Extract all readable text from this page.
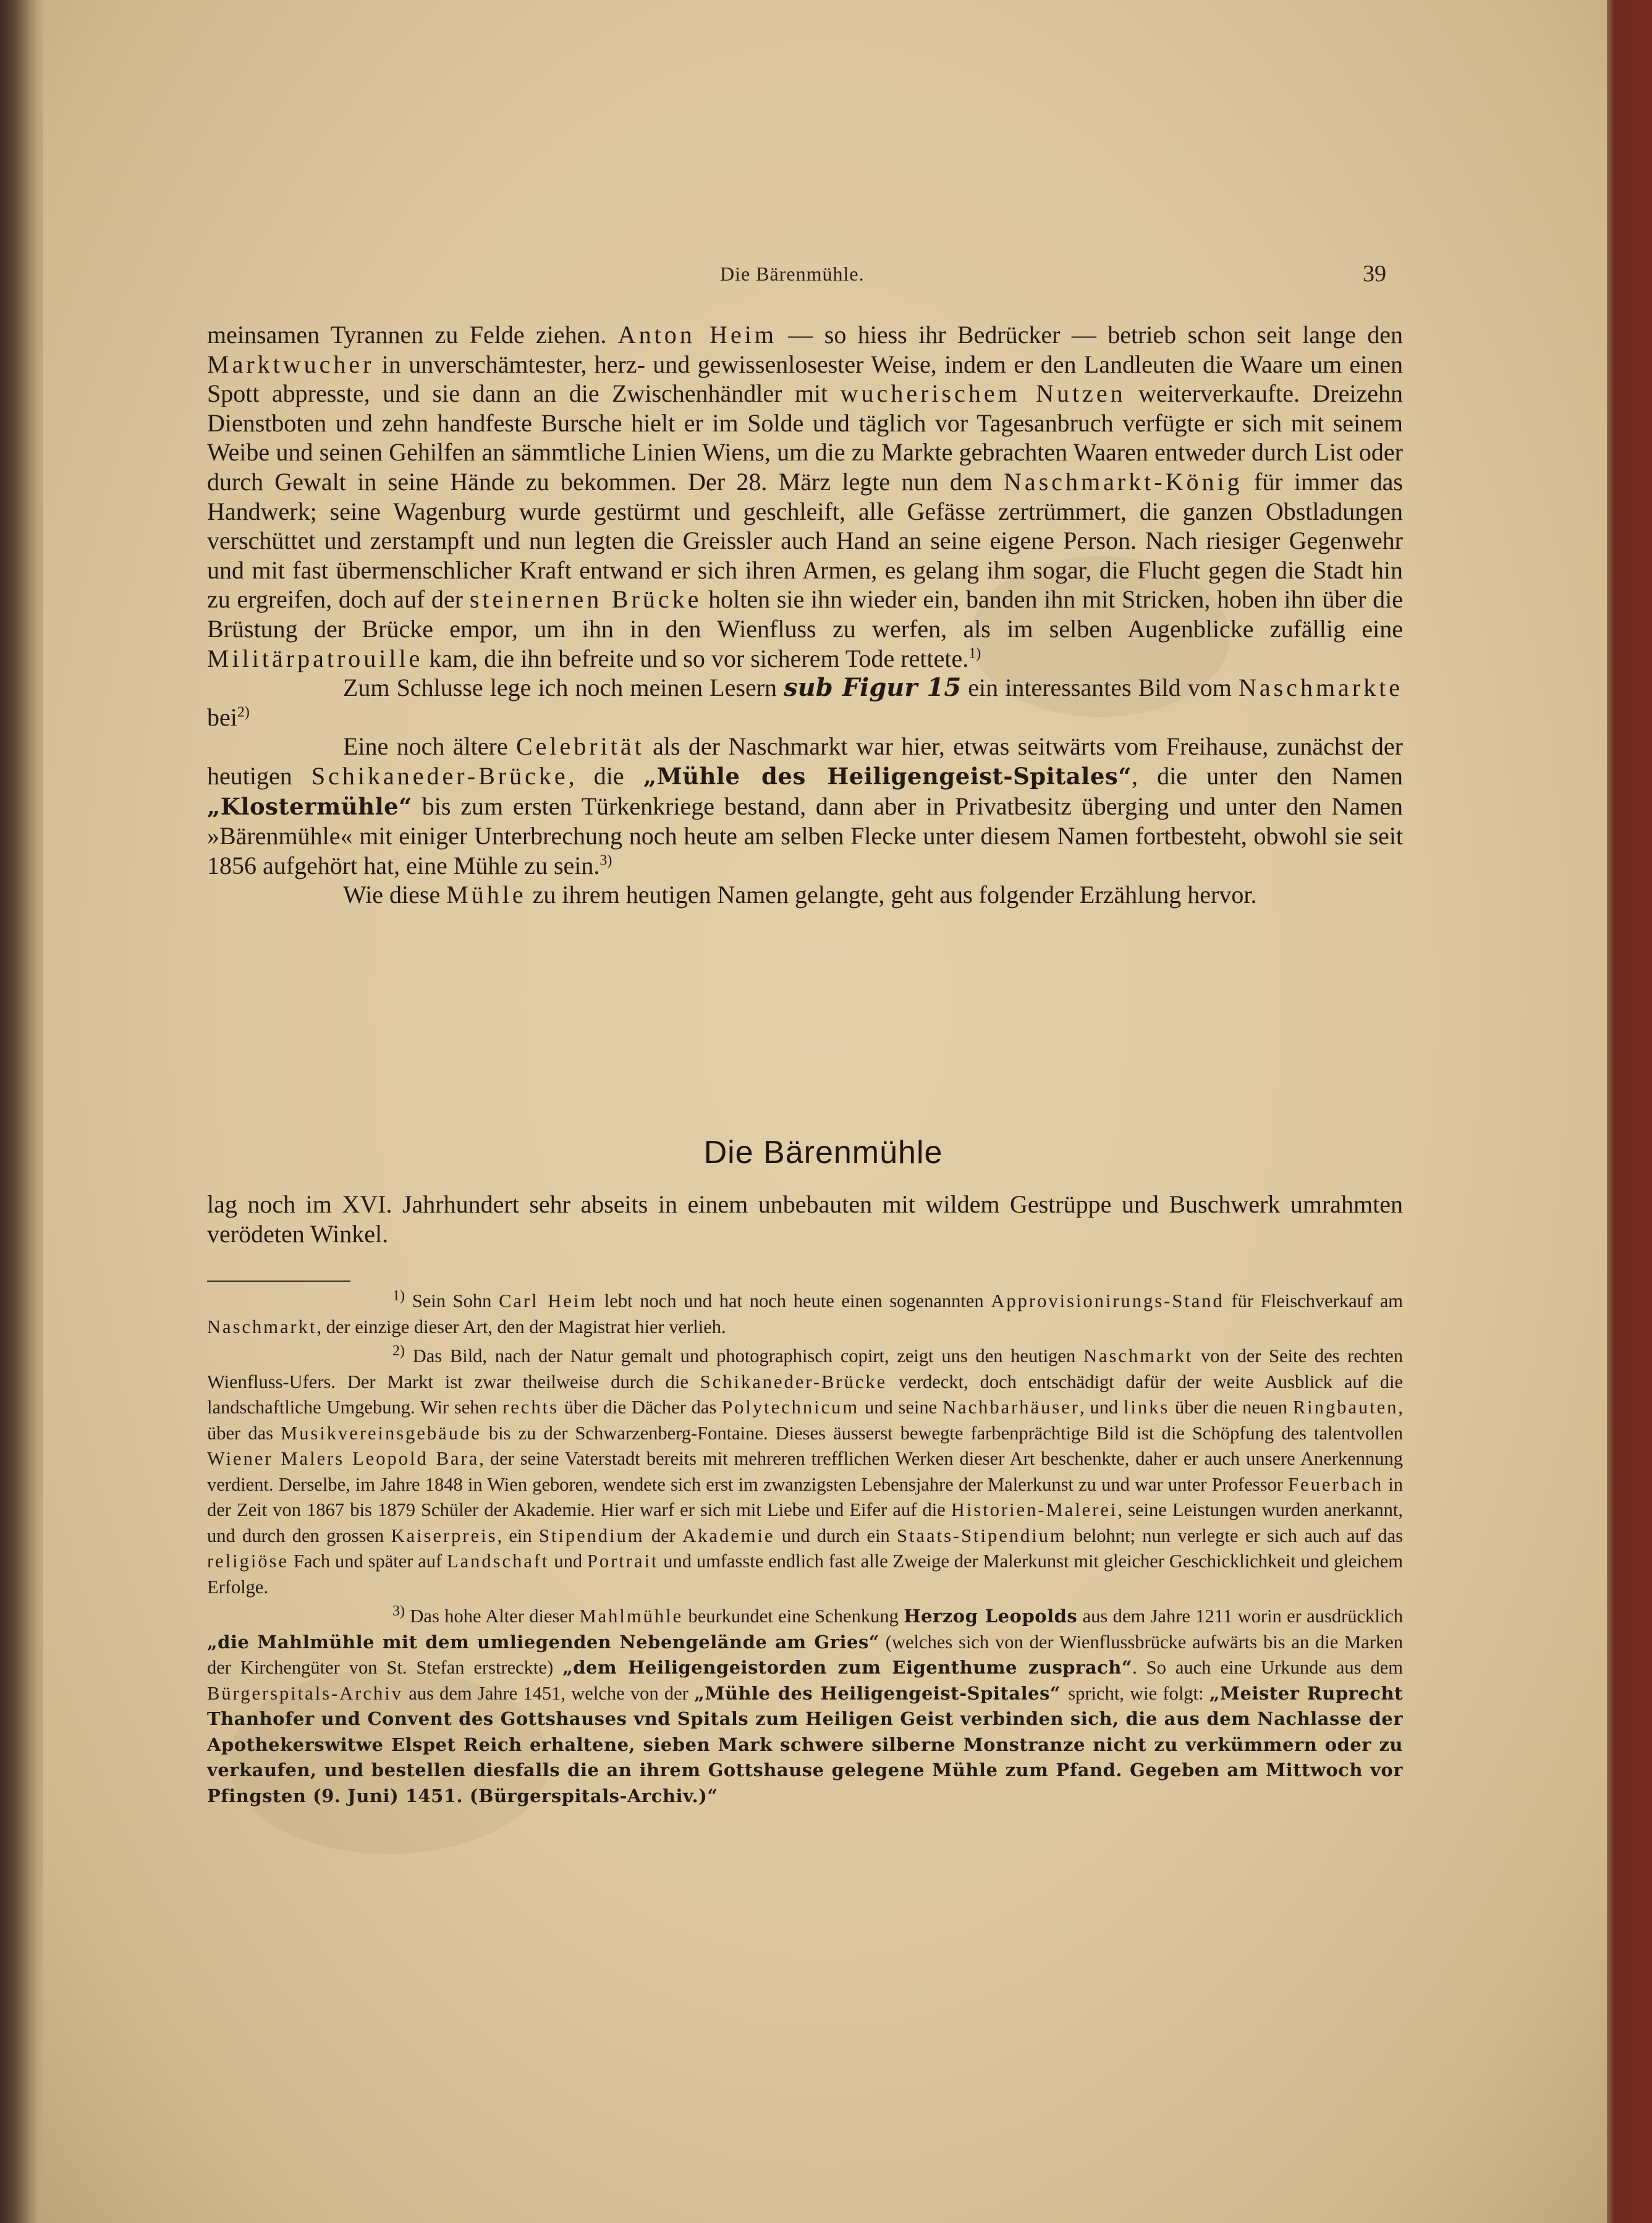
Die Bärenmühle.	39

meinsamen Tyrannen zu Felde ziehen. Anton Heim — so hiess ihr Bedrücker — betrieb schon seit lange den Marktwucher in unverschämtester, herz- und gewissenlosester Weise, indem er den Landleuten die Waare um einen Spott abpresste, und sie dann an die Zwischenhändler mit wucherischem Nutzen weiterverkaufte. Dreizehn Dienstboten und zehn handfeste Bursche hielt er im Solde und täglich vor Tagesanbruch verfügte er sich mit seinem Weibe und seinen Gehilfen an sämmtliche Linien Wiens, um die zu Markte gebrachten Waaren entweder durch List oder durch Gewalt in seine Hände zu bekommen. Der 28. März legte nun dem Naschmarkt-König für immer das Handwerk; seine Wagenburg wurde gestürmt und geschleift, alle Gefässe zertrümmert, die ganzen Obstladungen verschüttet und zerstampft und nun legten die Greissler auch Hand an seine eigene Person. Nach riesiger Gegenwehr und mit fast übermenschlicher Kraft entwand er sich ihren Armen, es gelang ihm sogar, die Flucht gegen die Stadt hin zu ergreifen, doch auf der steinernen Brücke holten sie ihn wieder ein, banden ihn mit Stricken, hoben ihn über die Brüstung der Brücke empor, um ihn in den Wienfluss zu werfen, als im selben Augenblicke zufällig eine Militärpatrouille kam, die ihn befreite und so vor sicherem Tode rettete.$^{1)}$

Zum Schlusse lege ich noch meinen Lesern sub Figur 15 ein interessantes Bild vom Naschmarkte bei$^{2)}$

Eine noch ältere Celebrität als der Naschmarkt war hier, etwas seitwärts vom Freihause, zunächst der heutigen Schikaneder-Brücke, die „Mühle des Heiligengeist-Spitales“, die unter den Namen „Klostermühle“ bis zum ersten Türkenkriege bestand, dann aber in Privatbesitz überging und unter den Namen »Bärenmühle« mit einiger Unterbrechung noch heute am selben Flecke unter diesem Namen fortbesteht, obwohl sie seit 1856 aufgehört hat, eine Mühle zu sein.$^{3)}$

Wie diese Mühle zu ihrem heutigen Namen gelangte, geht aus folgender Erzählung hervor.

Die Bärenmühle
lag noch im XVI. Jahrhundert sehr abseits in einem unbebauten mit wildem Gestrüppe und Buschwerk umrahmten verödeten Winkel.

$^{1)}$ Sein Sohn Carl Heim lebt noch und hat noch heute einen sogenannten Approvisionirungs-Stand für Fleischverkauf am Naschmarkt, der einzige dieser Art, den der Magistrat hier verlieh.

$^{2)}$ Das Bild, nach der Natur gemalt und photographisch copirt, zeigt uns den heutigen Naschmarkt von der Seite des rechten Wienfluss-Ufers. Der Markt ist zwar theilweise durch die Schikaneder-Brücke verdeckt, doch entschädigt dafür der weite Ausblick auf die landschaftliche Umgebung. Wir sehen rechts über die Dächer das Polytechnicum und seine Nachbarhäuser, und links über die neuen Ringbauten, über das Musikvereinsgebäude bis zu der Schwarzenberg-Fontaine. Dieses äusserst bewegte farbenprächtige Bild ist die Schöpfung des talentvollen Wiener Malers Leopold Bara, der seine Vaterstadt bereits mit mehreren trefflichen Werken dieser Art beschenkte, daher er auch unsere Anerkennung verdient. Derselbe, im Jahre 1848 in Wien geboren, wendete sich erst im zwanzigsten Lebensjahre der Malerkunst zu und war unter Professor Feuerbach in der Zeit von 1867 bis 1879 Schüler der Akademie. Hier warf er sich mit Liebe und Eifer auf die Historien-Malerei, seine Leistungen wurden anerkannt, und durch den grossen Kaiserpreis, ein Stipendium der Akademie und durch ein Staats-Stipendium belohnt; nun verlegte er sich auch auf das religiöse Fach und später auf Landschaft und Portrait und umfasste endlich fast alle Zweige der Malerkunst mit gleicher Geschicklichkeit und gleichem Erfolge.

$^{3)}$ Das hohe Alter dieser Mahlmühle beurkundet eine Schenkung Herzog Leopolds aus dem Jahre 1211 worin er ausdrücklich „die Mahlmühle mit dem umliegenden Nebengelände am Gries“ (welches sich von der Wienflussbrücke aufwärts bis an die Marken der Kirchengüter von St. Stefan erstreckte) „dem Heiligengeistorden zum Eigenthume zusprach“. So auch eine Urkunde aus dem Bürgerspitals-Archiv aus dem Jahre 1451, welche von der „Mühle des Heiligengeist-Spitales“ spricht, wie folgt: „Meister Ruprecht Thanhofer und Convent des Gottshauses vnd Spitals zum Heiligen Geist verbinden sich, die aus dem Nachlasse der Apothekerswitwe Elspet Reich erhaltene, sieben Mark schwere silberne Monstranze nicht zu verkümmern oder zu verkaufen, und bestellen diesfalls die an ihrem Gottshause gelegene Mühle zum Pfand. Gegeben am Mittwoch vor Pfingsten (9. Juni) 1451. (Bürgerspitals-Archiv.)“
